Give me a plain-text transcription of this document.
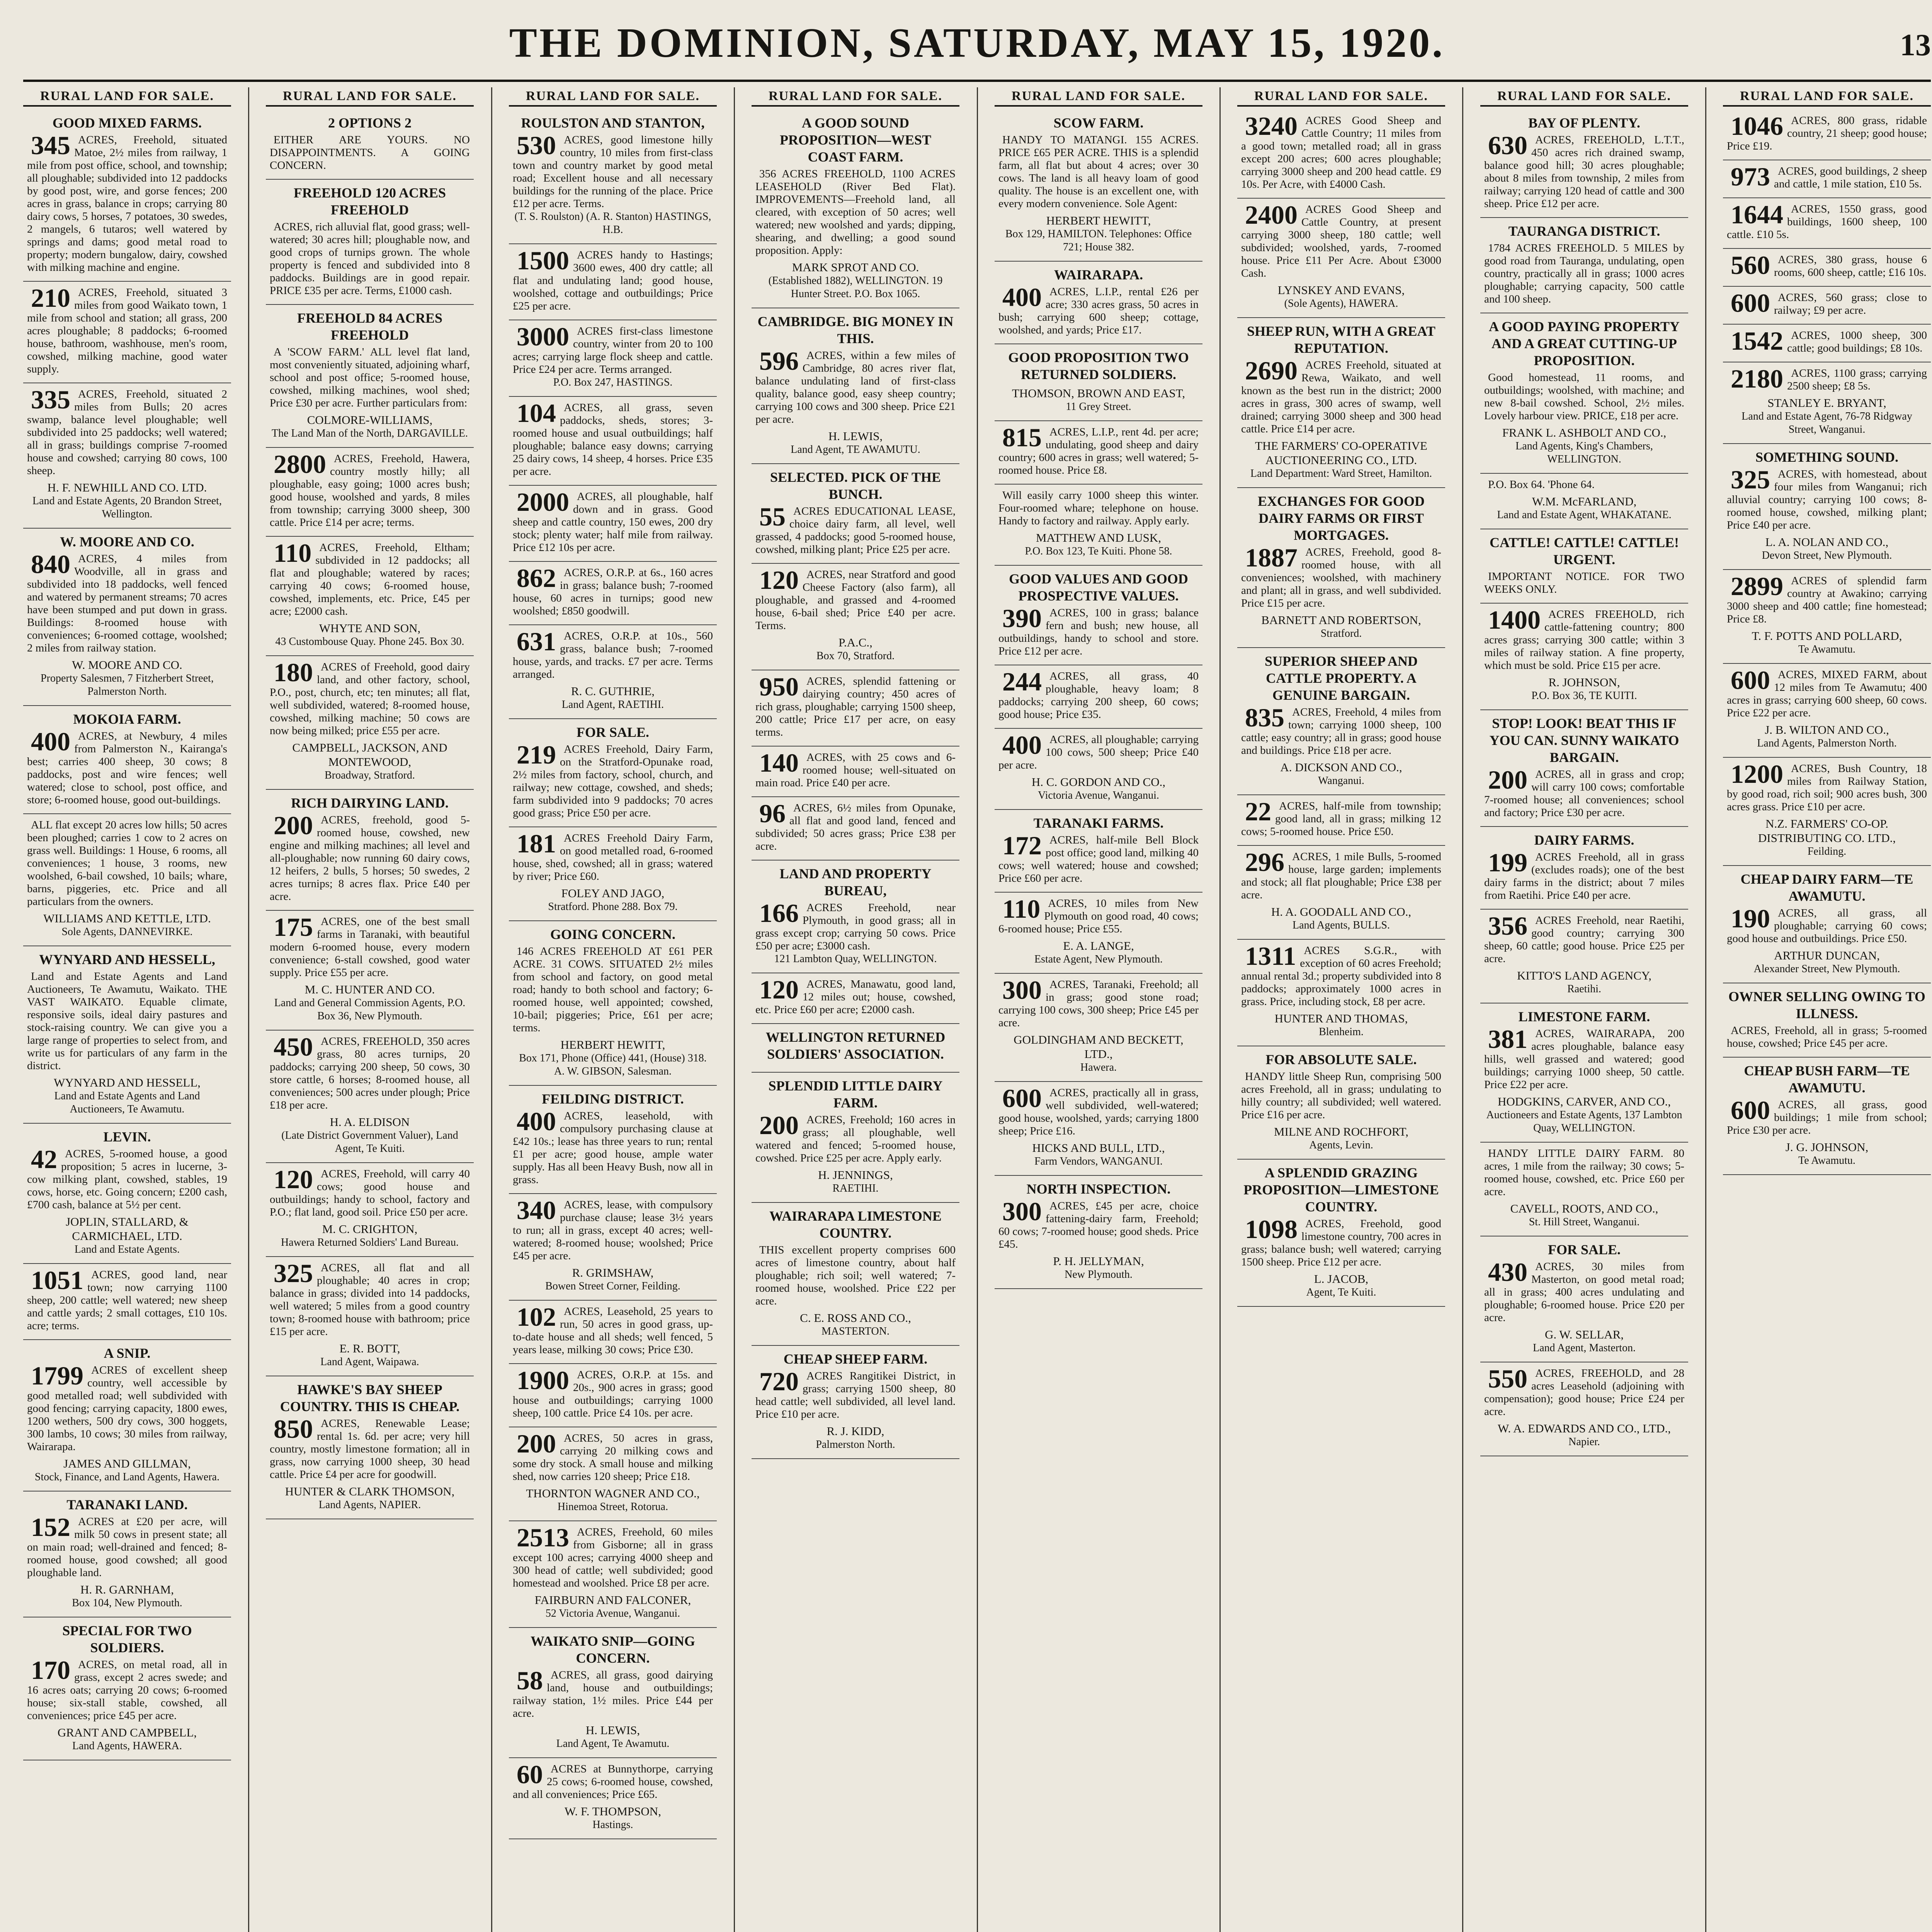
THE DOMINION, SATURDAY, MAY 15, 1920.	13
RURAL LAND FOR SALE.
GOOD MIXED FARMS.
345 ACRES, Freehold, situated Matoe, 2½ miles from railway, 1 mile from post office, school, and township; all ploughable; subdivided into 12 paddocks by good post, wire, and gorse fences; 200 acres in grass, balance in crops; carrying 80 dairy cows, 5 horses, 7 potatoes, 30 swedes, 2 mangels, 6 tutaros; well watered by springs and dams; good metal road to property; modern bungalow, dairy, cowshed with milking machine and engine.
210 ACRES, Freehold, situated 3 miles from good Waikato town, 1 mile from school and station; all grass, 200 acres ploughable; 8 paddocks; 6-roomed house, bathroom, washhouse, men's room, cowshed, milking machine, good water supply.
335 ACRES, Freehold, situated 2 miles from Bulls; 20 acres swamp, balance level ploughable; well subdivided into 25 paddocks; well watered; all in grass; buildings comprise 7-roomed house and cowshed; carrying 80 cows, 100 sheep.
H. F. NEWHILL AND CO. LTD.
Land and Estate Agents, 20 Brandon Street, Wellington.
W. MOORE AND CO.
840 ACRES, 4 miles from Woodville, all in grass and subdivided into 18 paddocks, well fenced and watered by permanent streams; 70 acres have been stumped and put down in grass. Buildings: 8-roomed house with conveniences; 6-roomed cottage, woolshed; 2 miles from railway station.
W. MOORE AND CO.
Property Salesmen, 7 Fitzherbert Street, Palmerston North.
MOKOIA FARM.
400 ACRES, at Newbury, 4 miles from Palmerston N., Kairanga's best; carries 400 sheep, 30 cows; 8 paddocks, post and wire fences; well watered; close to school, post office, and store; 6-roomed house, good out-buildings.
ALL flat except 20 acres low hills; 50 acres been ploughed; carries 1 cow to 2 acres on grass well. Buildings: 1 House, 6 rooms, all conveniences; 1 house, 3 rooms, new woolshed, 6-bail cowshed, 10 bails; whare, barns, piggeries, etc. Price and all particulars from the owners.
WILLIAMS AND KETTLE, LTD.
Sole Agents, DANNEVIRKE.
WYNYARD AND HESSELL,
Land and Estate Agents and Land Auctioneers, Te Awamutu, Waikato. THE VAST WAIKATO. Equable climate, responsive soils, ideal dairy pastures and stock-raising country. We can give you a large range of properties to select from, and write us for particulars of any farm in the district.
WYNYARD AND HESSELL,
Land and Estate Agents and Land Auctioneers, Te Awamutu.
LEVIN.
42 ACRES, 5-roomed house, a good proposition; 5 acres in lucerne, 3-cow milking plant, cowshed, stables, 19 cows, horse, etc. Going concern; £200 cash, £700 cash, balance at 5½ per cent.
JOPLIN, STALLARD, & CARMICHAEL, LTD.
Land and Estate Agents.
1051 ACRES, good land, near town; now carrying 1100 sheep, 200 cattle; well watered; new sheep and cattle yards; 2 small cottages, £10 10s. acre; terms.
A SNIP.
1799 ACRES of excellent sheep country, well accessible by good metalled road; well subdivided with good fencing; carrying capacity, 1800 ewes, 1200 wethers, 500 dry cows, 300 hoggets, 300 lambs, 10 cows; 30 miles from railway, Wairarapa.
JAMES AND GILLMAN,
Stock, Finance, and Land Agents, Hawera.
TARANAKI LAND.
152 ACRES at £20 per acre, will milk 50 cows in present state; all on main road; well-drained and fenced; 8-roomed house, good cowshed; all good ploughable land.
H. R. GARNHAM,
Box 104, New Plymouth.
SPECIAL FOR TWO SOLDIERS.
170 ACRES, on metal road, all in grass, except 2 acres swede; and 16 acres oats; carrying 20 cows; 6-roomed house; six-stall stable, cowshed, all conveniences; price £45 per acre.
GRANT AND CAMPBELL,
Land Agents, HAWERA.
RURAL LAND FOR SALE.
2 OPTIONS 2
EITHER ARE YOURS. NO DISAPPOINTMENTS. A GOING CONCERN.
FREEHOLD 120 ACRES FREEHOLD
ACRES, rich alluvial flat, good grass; well-watered; 30 acres hill; ploughable now, and good crops of turnips grown. The whole property is fenced and subdivided into 8 paddocks. Buildings are in good repair. PRICE £35 per acre. Terms, £1000 cash.
FREEHOLD 84 ACRES FREEHOLD
A 'SCOW FARM.' ALL level flat land, most conveniently situated, adjoining wharf, school and post office; 5-roomed house, cowshed, milking machines, wool shed; Price £30 per acre. Further particulars from:
COLMORE-WILLIAMS,
The Land Man of the North, DARGAVILLE.
2800 ACRES, Freehold, Hawera, country mostly hilly; all ploughable, easy going; 1000 acres bush; good house, woolshed and yards, 8 miles from township; carrying 3000 sheep, 300 cattle. Price £14 per acre; terms.
110 ACRES, Freehold, Eltham; subdivided in 12 paddocks; all flat and ploughable; watered by races; carrying 40 cows; 6-roomed house, cowshed, implements, etc. Price, £45 per acre; £2000 cash.
WHYTE AND SON,
43 Custombouse Quay. Phone 245. Box 30.
180 ACRES of Freehold, good dairy land, and other factory, school, P.O., post, church, etc; ten minutes; all flat, well subdivided, watered; 8-roomed house, cowshed, milking machine; 50 cows are now being milked; price £55 per acre.
CAMPBELL, JACKSON, AND MONTEWOOD,
Broadway, Stratford.
RICH DAIRYING LAND.
200 ACRES, freehold, good 5-roomed house, cowshed, new engine and milking machines; all level and all-ploughable; now running 60 dairy cows, 12 heifers, 2 bulls, 5 horses; 50 swedes, 2 acres turnips; 8 acres flax. Price £40 per acre.
175 ACRES, one of the best small farms in Taranaki, with beautiful modern 6-roomed house, every modern convenience; 6-stall cowshed, good water supply. Price £55 per acre.
M. C. HUNTER AND CO.
Land and General Commission Agents, P.O. Box 36, New Plymouth.
450 ACRES, FREEHOLD, 350 acres grass, 80 acres turnips, 20 paddocks; carrying 200 sheep, 50 cows, 30 store cattle, 6 horses; 8-roomed house, all conveniences; 500 acres under plough; Price £18 per acre.
H. A. ELDISON
(Late District Government Valuer), Land Agent, Te Kuiti.
120 ACRES, Freehold, will carry 40 cows; good house and outbuildings; handy to school, factory and P.O.; flat land, good soil. Price £50 per acre.
M. C. CRIGHTON,
Hawera Returned Soldiers' Land Bureau.
325 ACRES, all flat and all ploughable; 40 acres in crop; balance in grass; divided into 14 paddocks, well watered; 5 miles from a good country town; 8-roomed house with bathroom; price £15 per acre.
E. R. BOTT,
Land Agent, Waipawa.
HAWKE'S BAY SHEEP COUNTRY. THIS IS CHEAP.
850 ACRES, Renewable Lease; rental 1s. 6d. per acre; very hill country, mostly limestone formation; all in grass, now carrying 1000 sheep, 30 head cattle. Price £4 per acre for goodwill.
HUNTER & CLARK THOMSON,
Land Agents, NAPIER.
RURAL LAND FOR SALE.
ROULSTON AND STANTON,
530 ACRES, good limestone hilly country, 10 miles from first-class town and country market by good metal road; Excellent house and all necessary buildings for the running of the place. Price £12 per acre. Terms.
(T. S. Roulston) (A. R. Stanton) HASTINGS, H.B.
1500 ACRES handy to Hastings; 3600 ewes, 400 dry cattle; all flat and undulating land; good house, woolshed, cottage and outbuildings; Price £25 per acre.
3000 ACRES first-class limestone country, winter from 20 to 100 acres; carrying large flock sheep and cattle. Price £24 per acre. Terms arranged.
P.O. Box 247, HASTINGS.
104 ACRES, all grass, seven paddocks, sheds, stores; 3-roomed house and usual outbuildings; half ploughable; balance easy downs; carrying 25 dairy cows, 14 sheep, 4 horses. Price £35 per acre.
2000 ACRES, all ploughable, half down and in grass. Good sheep and cattle country, 150 ewes, 200 dry stock; plenty water; half mile from railway. Price £12 10s per acre.
862 ACRES, O.R.P. at 6s., 160 acres in grass; balance bush; 7-roomed house, 60 acres in turnips; good new woolshed; £850 goodwill.
631 ACRES, O.R.P. at 10s., 560 grass, balance bush; 7-roomed house, yards, and tracks. £7 per acre. Terms arranged.
R. C. GUTHRIE,
Land Agent, RAETIHI.
FOR SALE.
219 ACRES Freehold, Dairy Farm, on the Stratford-Opunake road, 2½ miles from factory, school, church, and railway; new cottage, cowshed, and sheds; farm subdivided into 9 paddocks; 70 acres good grass; Price £50 per acre.
181 ACRES Freehold Dairy Farm, on good metalled road, 6-roomed house, shed, cowshed; all in grass; watered by river; Price £60.
FOLEY AND JAGO,
Stratford. Phone 288. Box 79.
GOING CONCERN.
146 ACRES FREEHOLD AT £61 PER ACRE. 31 COWS. SITUATED 2½ miles from school and factory, on good metal road; handy to both school and factory; 6-roomed house, well appointed; cowshed, 10-bail; piggeries; Price, £61 per acre; terms.
HERBERT HEWITT,
Box 171, Phone (Office) 441, (House) 318. A. W. GIBSON, Salesman.
FEILDING DISTRICT.
400 ACRES, leasehold, with compulsory purchasing clause at £42 10s.; lease has three years to run; rental £1 per acre; good house, ample water supply. Has all been Heavy Bush, now all in grass.
340 ACRES, lease, with compulsory purchase clause; lease 3½ years to run; all in grass, except 40 acres; well-watered; 8-roomed house; woolshed; Price £45 per acre.
R. GRIMSHAW,
Bowen Street Corner, Feilding.
102 ACRES, Leasehold, 25 years to run, 50 acres in good grass, up-to-date house and all sheds; well fenced, 5 years lease, milking 30 cows; Price £30.
1900 ACRES, O.R.P. at 15s. and 20s., 900 acres in grass; good house and outbuildings; carrying 1000 sheep, 100 cattle. Price £4 10s. per acre.
200 ACRES, 50 acres in grass, carrying 20 milking cows and some dry stock. A small house and milking shed, now carries 120 sheep; Price £18.
THORNTON WAGNER AND CO.,
Hinemoa Street, Rotorua.
2513 ACRES, Freehold, 60 miles from Gisborne; all in grass except 100 acres; carrying 4000 sheep and 300 head of cattle; well subdivided; good homestead and woolshed. Price £8 per acre.
FAIRBURN AND FALCONER,
52 Victoria Avenue, Wanganui.
WAIKATO SNIP—GOING CONCERN.
58 ACRES, all grass, good dairying land, house and outbuildings; railway station, 1½ miles. Price £44 per acre.
H. LEWIS,
Land Agent, Te Awamutu.
60 ACRES at Bunnythorpe, carrying 25 cows; 6-roomed house, cowshed, and all conveniences; Price £65.
W. F. THOMPSON,
Hastings.
RURAL LAND FOR SALE.
A GOOD SOUND PROPOSITION—WEST COAST FARM.
356 ACRES FREEHOLD, 1100 ACRES LEASEHOLD (River Bed Flat). IMPROVEMENTS—Freehold land, all cleared, with exception of 50 acres; well watered; new woolshed and yards; dipping, shearing, and dwelling; a good sound proposition. Apply:
MARK SPROT AND CO.
(Established 1882), WELLINGTON. 19 Hunter Street. P.O. Box 1065.
CAMBRIDGE. BIG MONEY IN THIS.
596 ACRES, within a few miles of Cambridge, 80 acres river flat, balance undulating land of first-class quality, balance good, easy sheep country; carrying 100 cows and 300 sheep. Price £21 per acre.
H. LEWIS,
Land Agent, TE AWAMUTU.
SELECTED. PICK OF THE BUNCH.
55 ACRES EDUCATIONAL LEASE, choice dairy farm, all level, well grassed, 4 paddocks; good 5-roomed house, cowshed, milking plant; Price £25 per acre.
120 ACRES, near Stratford and good Cheese Factory (also farm), all ploughable, and grassed and 4-roomed house, 6-bail shed; Price £40 per acre. Terms.
P.A.C.,
Box 70, Stratford.
950 ACRES, splendid fattening or dairying country; 450 acres of rich grass, ploughable; carrying 1500 sheep, 200 cattle; Price £17 per acre, on easy terms.
140 ACRES, with 25 cows and 6-roomed house; well-situated on main road. Price £40 per acre.
96 ACRES, 6½ miles from Opunake, all flat and good land, fenced and subdivided; 50 acres grass; Price £38 per acre.
LAND AND PROPERTY BUREAU,
166 ACRES Freehold, near Plymouth, in good grass; all in grass except crop; carrying 50 cows. Price £50 per acre; £3000 cash.
121 Lambton Quay, WELLINGTON.
120 ACRES, Manawatu, good land, 12 miles out; house, cowshed, etc. Price £60 per acre; £2000 cash.
WELLINGTON RETURNED SOLDIERS' ASSOCIATION.
SPLENDID LITTLE DAIRY FARM.
200 ACRES, Freehold; 160 acres in grass; all ploughable, well watered and fenced; 5-roomed house, cowshed. Price £25 per acre. Apply early.
H. JENNINGS,
RAETIHI.
WAIRARAPA LIMESTONE COUNTRY.
THIS excellent property comprises 600 acres of limestone country, about half ploughable; rich soil; well watered; 7-roomed house, woolshed. Price £22 per acre.
C. E. ROSS AND CO.,
MASTERTON.
CHEAP SHEEP FARM.
720 ACRES Rangitikei District, in grass; carrying 1500 sheep, 80 head cattle; well subdivided, all level land. Price £10 per acre.
R. J. KIDD,
Palmerston North.
RURAL LAND FOR SALE.
SCOW FARM.
HANDY TO MATANGI. 155 ACRES. PRICE £65 PER ACRE. THIS is a splendid farm, all flat but about 4 acres; over 30 cows. The land is all heavy loam of good quality. The house is an excellent one, with every modern convenience. Sole Agent:
HERBERT HEWITT,
Box 129, HAMILTON. Telephones: Office 721; House 382.
WAIRARAPA.
400 ACRES, L.I.P., rental £26 per acre; 330 acres grass, 50 acres in bush; carrying 600 sheep; cottage, woolshed, and yards; Price £17.
GOOD PROPOSITION TWO RETURNED SOLDIERS.
THOMSON, BROWN AND EAST,
11 Grey Street.
815 ACRES, L.I.P., rent 4d. per acre; undulating, good sheep and dairy country; 600 acres in grass; well watered; 5-roomed house. Price £8.
Will easily carry 1000 sheep this winter. Four-roomed whare; telephone on house. Handy to factory and railway. Apply early.
MATTHEW AND LUSK,
P.O. Box 123, Te Kuiti. Phone 58.
GOOD VALUES AND GOOD PROSPECTIVE VALUES.
390 ACRES, 100 in grass; balance fern and bush; new house, all outbuildings, handy to school and store. Price £12 per acre.
244 ACRES, all grass, 40 ploughable, heavy loam; 8 paddocks; carrying 200 sheep, 60 cows; good house; Price £35.
400 ACRES, all ploughable; carrying 100 cows, 500 sheep; Price £40 per acre.
H. C. GORDON AND CO.,
Victoria Avenue, Wanganui.
TARANAKI FARMS.
172 ACRES, half-mile Bell Block post office; good land, milking 40 cows; well watered; house and cowshed; Price £60 per acre.
110 ACRES, 10 miles from New Plymouth on good road, 40 cows; 6-roomed house; Price £55.
E. A. LANGE,
Estate Agent, New Plymouth.
300 ACRES, Taranaki, Freehold; all in grass; good stone road; carrying 100 cows, 300 sheep; Price £45 per acre.
GOLDINGHAM AND BECKETT, LTD.,
Hawera.
600 ACRES, practically all in grass, well subdivided, well-watered; good house, woolshed, yards; carrying 1800 sheep; Price £16.
HICKS AND BULL, LTD.,
Farm Vendors, WANGANUI.
NORTH INSPECTION.
300 ACRES, £45 per acre, choice fattening-dairy farm, Freehold; 60 cows; 7-roomed house; good sheds. Price £45.
P. H. JELLYMAN,
New Plymouth.
RURAL LAND FOR SALE.
3240 ACRES Good Sheep and Cattle Country; 11 miles from a good town; metalled road; all in grass except 200 acres; 600 acres ploughable; carrying 3000 sheep and 200 head cattle. £9 10s. Per Acre, with £4000 Cash.
2400 ACRES Good Sheep and Cattle Country, at present carrying 3000 sheep, 180 cattle; well subdivided; woolshed, yards, 7-roomed house. Price £11 Per Acre. About £3000 Cash.
LYNSKEY AND EVANS,
(Sole Agents), HAWERA.
SHEEP RUN, WITH A GREAT REPUTATION.
2690 ACRES Freehold, situated at Rewa, Waikato, and well known as the best run in the district; 2000 acres in grass, 300 acres of swamp, well drained; carrying 3000 sheep and 300 head cattle. Price £14 per acre.
THE FARMERS' CO-OPERATIVE AUCTIONEERING CO., LTD.
Land Department: Ward Street, Hamilton.
EXCHANGES FOR GOOD DAIRY FARMS OR FIRST MORTGAGES.
1887 ACRES, Freehold, good 8-roomed house, with all conveniences; woolshed, with machinery and plant; all in grass, and well subdivided. Price £15 per acre.
BARNETT AND ROBERTSON,
Stratford.
SUPERIOR SHEEP AND CATTLE PROPERTY. A GENUINE BARGAIN.
835 ACRES, Freehold, 4 miles from town; carrying 1000 sheep, 100 cattle; easy country; all in grass; good house and buildings. Price £18 per acre.
A. DICKSON AND CO.,
Wanganui.
22 ACRES, half-mile from township; good land, all in grass; milking 12 cows; 5-roomed house. Price £50.
296 ACRES, 1 mile Bulls, 5-roomed house, large garden; implements and stock; all flat ploughable; Price £38 per acre.
H. A. GOODALL AND CO.,
Land Agents, BULLS.
1311 ACRES S.G.R., with exception of 60 acres Freehold; annual rental 3d.; property subdivided into 8 paddocks; approximately 1000 acres in grass. Price, including stock, £8 per acre.
HUNTER AND THOMAS,
Blenheim.
FOR ABSOLUTE SALE.
HANDY little Sheep Run, comprising 500 acres Freehold, all in grass; undulating to hilly country; all subdivided; well watered. Price £16 per acre.
MILNE AND ROCHFORT,
Agents, Levin.
A SPLENDID GRAZING PROPOSITION—LIMESTONE COUNTRY.
1098 ACRES, Freehold, good limestone country, 700 acres in grass; balance bush; well watered; carrying 1500 sheep. Price £12 per acre.
L. JACOB,
Agent, Te Kuiti.
RURAL LAND FOR SALE.
BAY OF PLENTY.
630 ACRES, FREEHOLD, L.T.T., 450 acres rich drained swamp, balance good hill; 30 acres ploughable; about 8 miles from township, 2 miles from railway; carrying 120 head of cattle and 300 sheep. Price £12 per acre.
TAURANGA DISTRICT.
1784 ACRES FREEHOLD. 5 MILES by good road from Tauranga, undulating, open country, practically all in grass; 1000 acres ploughable; carrying capacity, 500 cattle and 100 sheep.
A GOOD PAYING PROPERTY AND A GREAT CUTTING-UP PROPOSITION.
Good homestead, 11 rooms, and outbuildings; woolshed, with machine; and new 8-bail cowshed. School, 2½ miles. Lovely harbour view. PRICE, £18 per acre.
FRANK L. ASHBOLT AND CO.,
Land Agents, King's Chambers, WELLINGTON.
P.O. Box 64. 'Phone 64.
W.M. McFARLAND,
Land and Estate Agent, WHAKATANE.
CATTLE! CATTLE! CATTLE! URGENT.
IMPORTANT NOTICE. FOR TWO WEEKS ONLY.
1400 ACRES FREEHOLD, rich cattle-fattening country; 800 acres grass; carrying 300 cattle; within 3 miles of railway station. A fine property, which must be sold. Price £15 per acre.
R. JOHNSON,
P.O. Box 36, TE KUITI.
STOP! LOOK! BEAT THIS IF YOU CAN. SUNNY WAIKATO BARGAIN.
200 ACRES, all in grass and crop; will carry 100 cows; comfortable 7-roomed house; all conveniences; school and factory; Price £30 per acre.
DAIRY FARMS.
199 ACRES Freehold, all in grass (excludes roads); one of the best dairy farms in the district; about 7 miles from Raetihi. Price £40 per acre.
356 ACRES Freehold, near Raetihi, good country; carrying 300 sheep, 60 cattle; good house. Price £25 per acre.
KITTO'S LAND AGENCY,
Raetihi.
LIMESTONE FARM.
381 ACRES, WAIRARAPA, 200 acres ploughable, balance easy hills, well grassed and watered; good buildings; carrying 1000 sheep, 50 cattle. Price £22 per acre.
HODGKINS, CARVER, AND CO.,
Auctioneers and Estate Agents, 137 Lambton Quay, WELLINGTON.
HANDY LITTLE DAIRY FARM. 80 acres, 1 mile from the railway; 30 cows; 5-roomed house, cowshed, etc. Price £60 per acre.
CAVELL, ROOTS, AND CO.,
St. Hill Street, Wanganui.
FOR SALE.
430 ACRES, 30 miles from Masterton, on good metal road; all in grass; 400 acres undulating and ploughable; 6-roomed house. Price £20 per acre.
G. W. SELLAR,
Land Agent, Masterton.
550 ACRES, FREEHOLD, and 28 acres Leasehold (adjoining with compensation); good house; Price £24 per acre.
W. A. EDWARDS AND CO., LTD.,
Napier.
RURAL LAND FOR SALE.
1046 ACRES, 800 grass, ridable country, 21 sheep; good house; Price £19.
973 ACRES, good buildings, 2 sheep and cattle, 1 mile station, £10 5s.
1644 ACRES, 1550 grass, good buildings, 1600 sheep, 100 cattle. £10 5s.
560 ACRES, 380 grass, house 6 rooms, 600 sheep, cattle; £16 10s.
600 ACRES, 560 grass; close to railway; £9 per acre.
1542 ACRES, 1000 sheep, 300 cattle; good buildings; £8 10s.
2180 ACRES, 1100 grass; carrying 2500 sheep; £8 5s.
STANLEY E. BRYANT,
Land and Estate Agent, 76-78 Ridgway Street, Wanganui.
SOMETHING SOUND.
325 ACRES, with homestead, about four miles from Wanganui; rich alluvial country; carrying 100 cows; 8-roomed house, cowshed, milking plant; Price £40 per acre.
L. A. NOLAN AND CO.,
Devon Street, New Plymouth.
2899 ACRES of splendid farm country at Awakino; carrying 3000 sheep and 400 cattle; fine homestead; Price £8.
T. F. POTTS AND POLLARD,
Te Awamutu.
600 ACRES, MIXED FARM, about 12 miles from Te Awamutu; 400 acres in grass; carrying 600 sheep, 60 cows. Price £22 per acre.
J. B. WILTON AND CO.,
Land Agents, Palmerston North.
1200 ACRES, Bush Country, 18 miles from Railway Station, by good road, rich soil; 900 acres bush, 300 acres grass. Price £10 per acre.
N.Z. FARMERS' CO-OP. DISTRIBUTING CO. LTD.,
Feilding.
CHEAP DAIRY FARM—TE AWAMUTU.
190 ACRES, all grass, all ploughable; carrying 60 cows; good house and outbuildings. Price £50.
ARTHUR DUNCAN,
Alexander Street, New Plymouth.
OWNER SELLING OWING TO ILLNESS.
ACRES, Freehold, all in grass; 5-roomed house, cowshed; Price £45 per acre.
CHEAP BUSH FARM—TE AWAMUTU.
600 ACRES, all grass, good buildings; 1 mile from school; Price £30 per acre.
J. G. JOHNSON,
Te Awamutu.
